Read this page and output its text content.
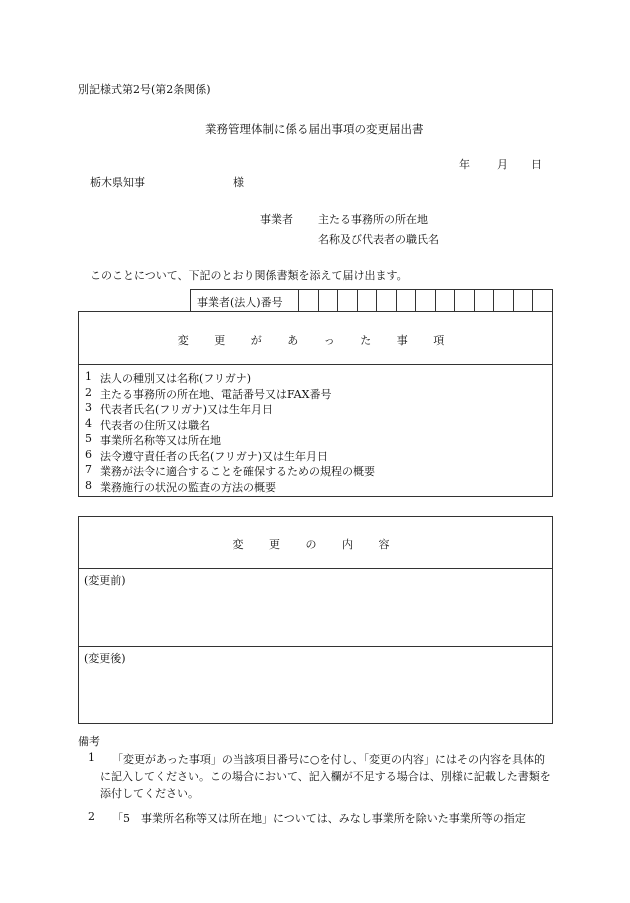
別記様式第2号(第2条関係)
業務管理体制に係る届出事項の変更届出書
年 月 日
栃木県知事	様
事業者 主たる事務所の所在地
名称及び代表者の職氏名
このことについて、下記のとおり関係書類を添えて届け出ます。
事業者(法人)番号
変 更 が あ っ た 事 項
1 法人の種別又は名称(フリガナ)
2 主たる事務所の所在地、電話番号又はFAX番号
3 代表者氏名(フリガナ)又は生年月日
4 代表者の住所又は職名
5 事業所名称等又は所在地
6 法令遵守責任者の氏名(フリガナ)又は生年月日
7 業務が法令に適合することを確保するための規程の概要
8 業務施行の状況の監査の方法の概要
変 更 の 内 容
(変更前)
(変更後)
備考
1	「変更があった事項」の当該項目番号に○を付し、「変更の内容」にはその内容を具体的に記入してください。この場合において、記入欄が不足する場合は、別様に記載した書類を添付してください。
2	「5　事業所名称等又は所在地」については、みなし事業所を除いた事業所等の指定
